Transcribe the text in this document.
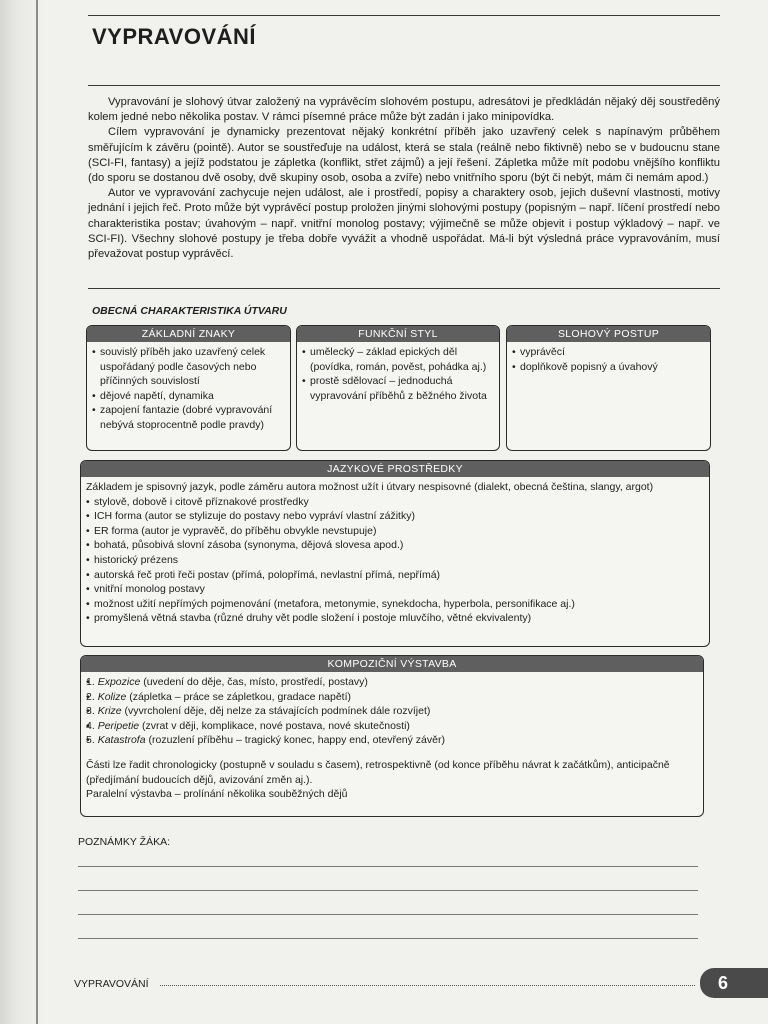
VYPRAVOVÁNÍ

Vypravování je slohový útvar založený na vyprávěcím slohovém postupu, adresátovi je předkládán nějaký děj soustředěný kolem jedné nebo několika postav. V rámci písemné práce může být zadán i jako minipovídka.

Cílem vypravování je dynamicky prezentovat nějaký konkrétní příběh jako uzavřený celek s napínavým průběhem směřujícím k závěru (pointě). Autor se soustřeďuje na událost, která se stala (reálně nebo fiktivně) nebo se v budoucnu stane (SCI-FI, fantasy) a jejíž podstatou je zápletka (konflikt, střet zájmů) a její řešení. Zápletka může mít podobu vnějšího konfliktu (do sporu se dostanou dvě osoby, dvě skupiny osob, osoba a zvíře) nebo vnitřního sporu (být či nebýt, mám či nemám apod.)

Autor ve vypravování zachycuje nejen událost, ale i prostředí, popisy a charaktery osob, jejich duševní vlastnosti, motivy jednání i jejich řeč. Proto může být vyprávěcí postup proložen jinými slohovými postupy (popisným – např. líčení prostředí nebo charakteristika postav; úvahovým – např. vnitřní monolog postavy; výjimečně se může objevit i postup výkladový – např. ve SCI-FI). Všechny slohové postupy je třeba dobře vyvážit a vhodně uspořádat. Má-li být výsledná práce vypravováním, musí převažovat postup vyprávěcí.

OBECNÁ CHARAKTERISTIKA ÚTVARU
ZÁKLADNÍ ZNAKY
• souvislý příběh jako uzavřený celek uspořádaný podle časových nebo příčinných souvislostí
• dějové napětí, dynamika
• zapojení fantazie (dobré vypravování nebývá stoprocentně podle pravdy)
FUNKČNÍ STYL
• umělecký – základ epických děl (povídka, román, pověst, pohádka aj.)
• prostě sdělovací – jednoduchá vypravování příběhů z běžného života
SLOHOVÝ POSTUP
• vyprávěcí
• doplňkově popisný a úvahový
JAZYKOVÉ PROSTŘEDKY
Základem je spisovný jazyk, podle záměru autora možnost užít i útvary nespisovné (dialekt, obecná čeština, slangy, argot)
• stylově, dobově i citově příznakové prostředky
• ICH forma (autor se stylizuje do postavy nebo vypráví vlastní zážitky)
• ER forma (autor je vypravěč, do příběhu obvykle nevstupuje)
• bohatá, působivá slovní zásoba (synonyma, dějová slovesa apod.)
• historický prézens
• autorská řeč proti řeči postav (přímá, polopřímá, nevlastní přímá, nepřímá)
• vnitřní monolog postavy
• možnost užití nepřímých pojmenování (metafora, metonymie, synekdocha, hyperbola, personifikace aj.)
• promyšlená větná stavba (různé druhy vět podle složení i postoje mluvčího, větné ekvivalenty)
KOMPOZIČNÍ VÝSTAVBA
• 1. Expozice (uvedení do děje, čas, místo, prostředí, postavy)
• 2. Kolize (zápletka – práce se zápletkou, gradace napětí)
• 3. Krize (vyvrcholení děje, děj nelze za stávajících podmínek dále rozvíjet)
• 4. Peripetie (zvrat v ději, komplikace, nové postava, nové skutečnosti)
• 5. Katastrofa (rozuzlení příběhu – tragický konec, happy end, otevřený závěr)
Části lze řadit chronologicky (postupně v souladu s časem), retrospektivně (od konce příběhu návrat k začátkům), anticipačně (předjímání budoucích dějů, avizování změn aj.).
Paralelní výstavba – prolínání několika souběžných dějů
POZNÁMKY ŽÁKA:
VYPRAVOVÁNÍ	6
